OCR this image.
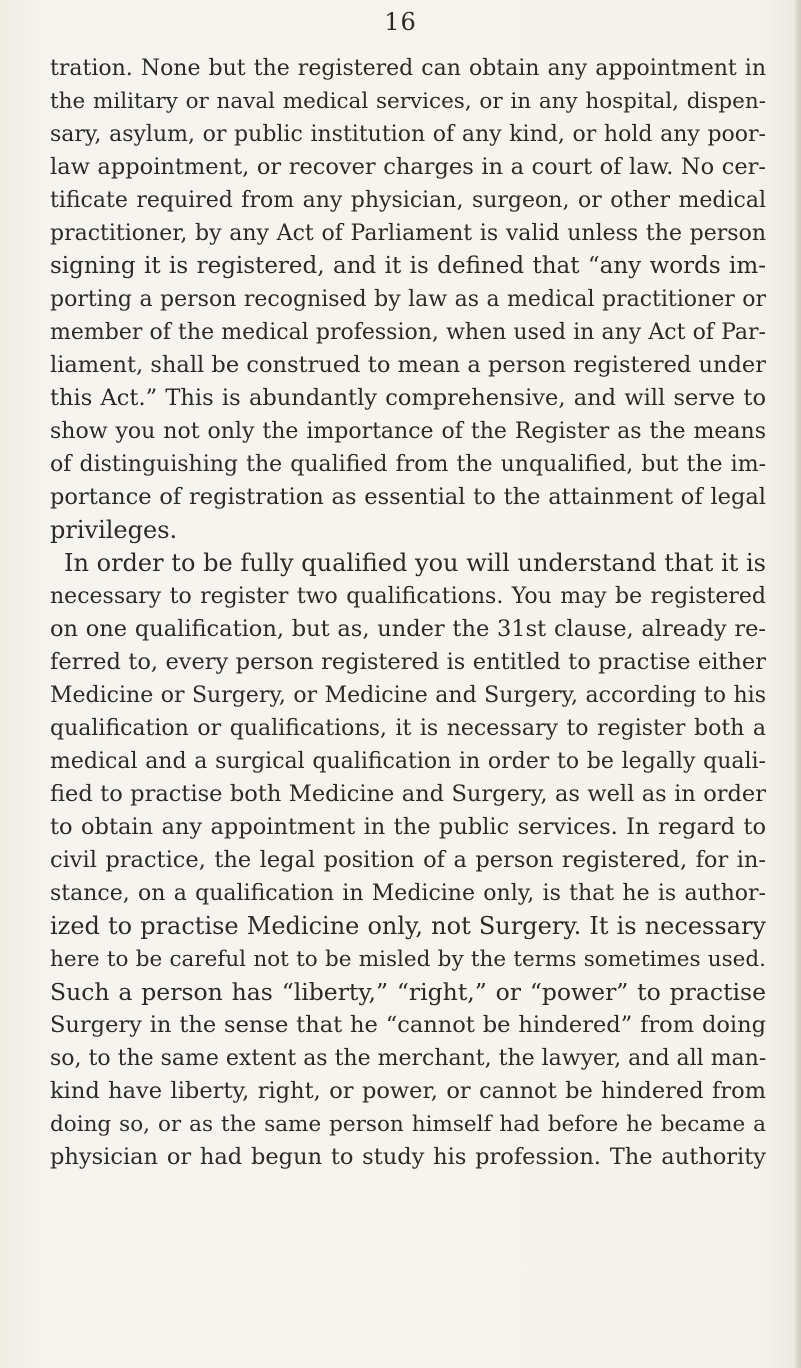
16
tration. None but the registered can obtain any appointment in
the military or naval medical services, or in any hospital, dispen-
sary, asylum, or public institution of any kind, or hold any poor-
law appointment, or recover charges in a court of law. No cer-
tificate required from any physician, surgeon, or other medical
practitioner, by any Act of Parliament is valid unless the person
signing it is registered, and it is defined that “any words im-
porting a person recognised by law as a medical practitioner or
member of the medical profession, when used in any Act of Par-
liament, shall be construed to mean a person registered under
this Act.” This is abundantly comprehensive, and will serve to
show you not only the importance of the Register as the means
of distinguishing the qualified from the unqualified, but the im-
portance of registration as essential to the attainment of legal
privileges.
In order to be fully qualified you will understand that it is
necessary to register two qualifications. You may be registered
on one qualification, but as, under the 31st clause, already re-
ferred to, every person registered is entitled to practise either
Medicine or Surgery, or Medicine and Surgery, according to his
qualification or qualifications, it is necessary to register both a
medical and a surgical qualification in order to be legally quali-
fied to practise both Medicine and Surgery, as well as in order
to obtain any appointment in the public services. In regard to
civil practice, the legal position of a person registered, for in-
stance, on a qualification in Medicine only, is that he is author-
ized to practise Medicine only, not Surgery. It is necessary
here to be careful not to be misled by the terms sometimes used.
Such a person has “liberty,” “right,” or “power” to practise
Surgery in the sense that he “cannot be hindered” from doing
so, to the same extent as the merchant, the lawyer, and all man-
kind have liberty, right, or power, or cannot be hindered from
doing so, or as the same person himself had before he became a
physician or had begun to study his profession. The authority
